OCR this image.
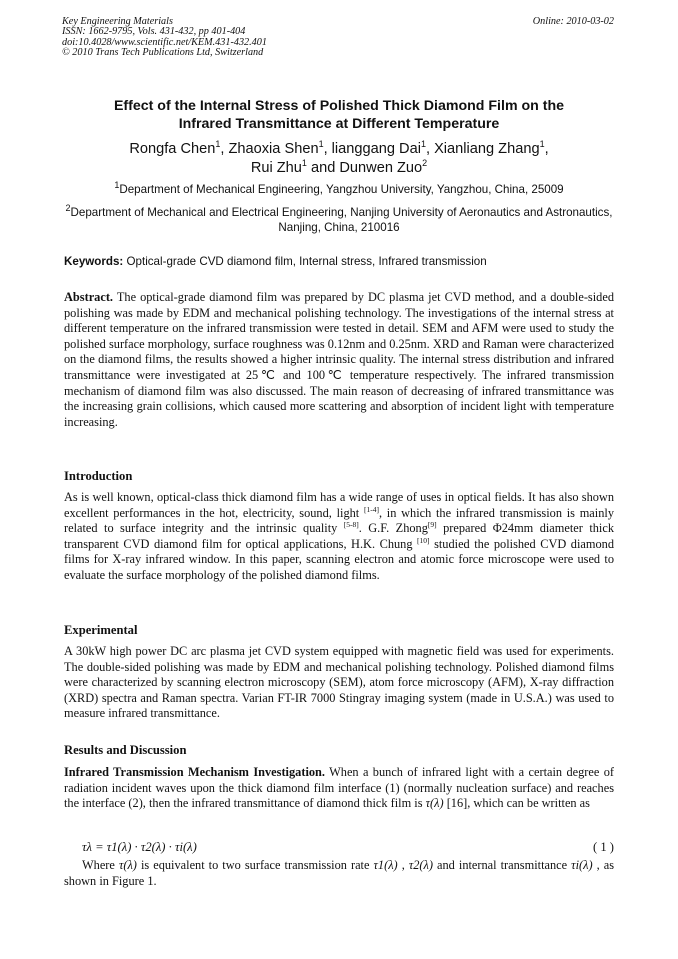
Key Engineering Materials
ISSN: 1662-9795, Vols. 431-432, pp 401-404
doi:10.4028/www.scientific.net/KEM.431-432.401
© 2010 Trans Tech Publications Ltd, Switzerland
Online: 2010-03-02
Effect of the Internal Stress of Polished Thick Diamond Film on the
Infrared Transmittance at Different Temperature
Rongfa Chen$^1$, Zhaoxia Shen$^1$, lianggang Dai$^1$, Xianliang Zhang$^1$,
Rui Zhu$^1$ and Dunwen Zuo$^2$
$^1$Department of Mechanical Engineering, Yangzhou University, Yangzhou, China, 25009
$^2$Department of Mechanical and Electrical Engineering, Nanjing University of Aeronautics and Astronautics, Nanjing, China, 210016
Keywords: Optical-grade CVD diamond film, Internal stress, Infrared transmission
Abstract. The optical-grade diamond film was prepared by DC plasma jet CVD method, and a double-sided polishing was made by EDM and mechanical polishing technology. The investigations of the internal stress at different temperature on the infrared transmission were tested in detail. SEM and AFM were used to study the polished surface morphology, surface roughness was 0.12nm and 0.25nm. XRD and Raman were characterized on the diamond films, the results showed a higher intrinsic quality. The internal stress distribution and infrared transmittance were investigated at 25℃ and 100℃ temperature respectively. The infrared transmission mechanism of diamond film was also discussed. The main reason of decreasing of infrared transmittance was the increasing grain collisions, which caused more scattering and absorption of incident light with temperature increasing.
Introduction
As is well known, optical-class thick diamond film has a wide range of uses in optical fields. It has also shown excellent performances in the hot, electricity, sound, light [1-4], in which the infrared transmission is mainly related to surface integrity and the intrinsic quality [5-8]. G.F. Zhong[9] prepared Φ24mm diameter thick transparent CVD diamond film for optical applications, H.K. Chung [10] studied the polished CVD diamond films for X-ray infrared window. In this paper, scanning electron and atomic force microscope were used to evaluate the surface morphology of the polished diamond films.
Experimental
A 30kW high power DC arc plasma jet CVD system equipped with magnetic field was used for experiments. The double-sided polishing was made by EDM and mechanical polishing technology. Polished diamond films were characterized by scanning electron microscopy (SEM), atom force microscopy (AFM), X-ray diffraction (XRD) spectra and Raman spectra. Varian FT-IR 7000 Stingray imaging system (made in U.S.A.) was used to measure infrared transmittance.
Results and Discussion
Infrared Transmission Mechanism Investigation. When a bunch of infrared light with a certain degree of radiation incident waves upon the thick diamond film interface (1) (normally nucleation surface) and reaches the interface (2), then the infrared transmittance of diamond thick film is τ(λ) [16], which can be written as
τλ = τ1(λ) · τ2(λ) · τi(λ)	( 1 )
Where τ(λ) is equivalent to two surface transmission rate τ1(λ) , τ2(λ) and internal transmittance τi(λ) , as shown in Figure 1.
